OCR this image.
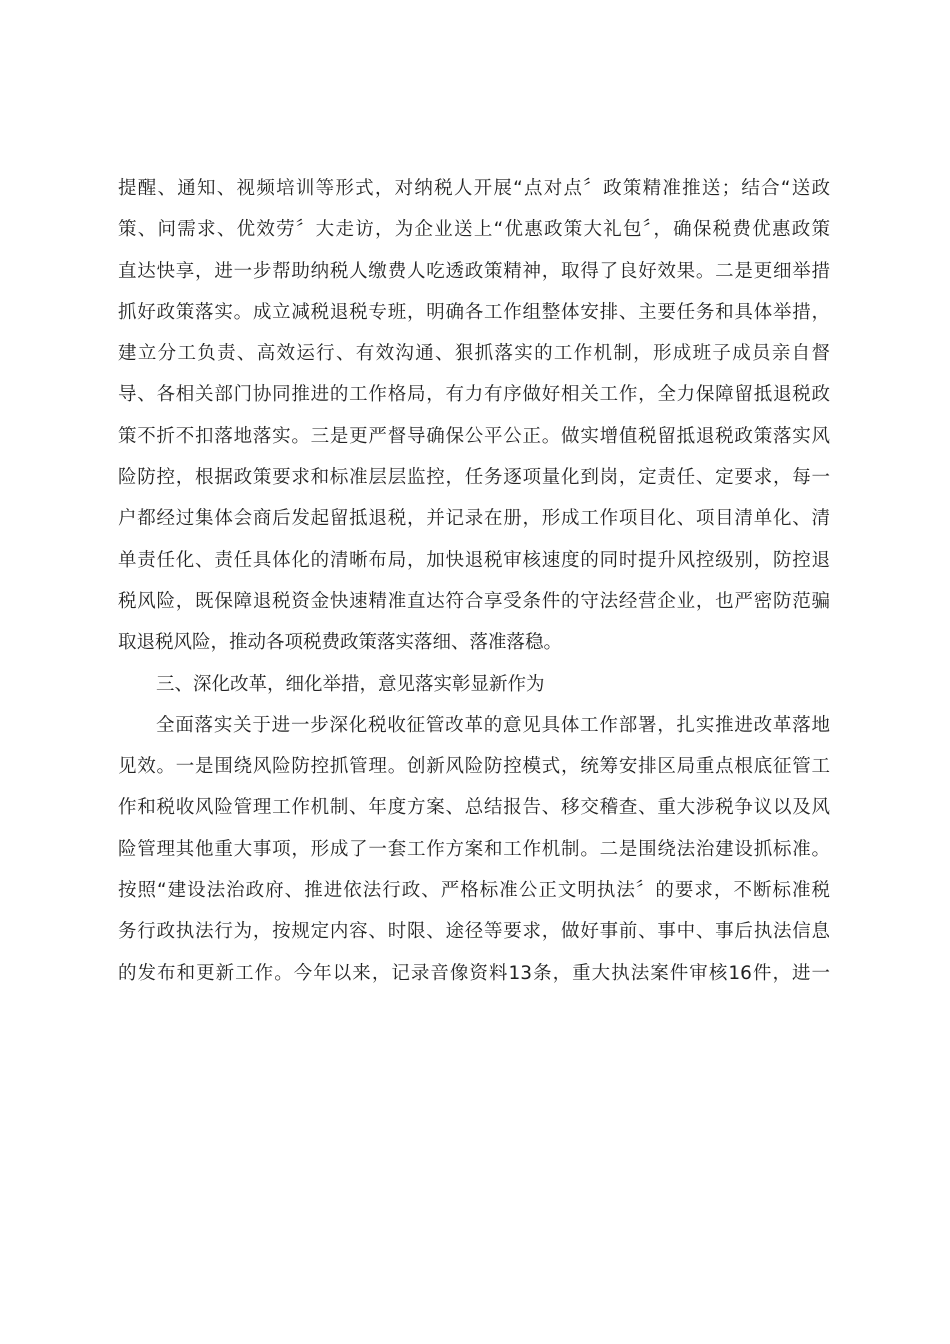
提醒、通知、视频培训等形式，对纳税人开展“点对点〞政策精准推送；结合“送政
策、问需求、优效劳〞大走访，为企业送上“优惠政策大礼包〞，确保税费优惠政策
直达快享，进一步帮助纳税人缴费人吃透政策精神，取得了良好效果。二是更细举措
抓好政策落实。成立减税退税专班，明确各工作组整体安排、主要任务和具体举措，
建立分工负责、高效运行、有效沟通、狠抓落实的工作机制，形成班子成员亲自督
导、各相关部门协同推进的工作格局，有力有序做好相关工作，全力保障留抵退税政
策不折不扣落地落实。三是更严督导确保公平公正。做实增值税留抵退税政策落实风
险防控，根据政策要求和标准层层监控，任务逐项量化到岗，定责任、定要求，每一
户都经过集体会商后发起留抵退税，并记录在册，形成工作项目化、项目清单化、清
单责任化、责任具体化的清晰布局，加快退税审核速度的同时提升风控级别，防控退
税风险，既保障退税资金快速精准直达符合享受条件的守法经营企业，也严密防范骗
取退税风险，推动各项税费政策落实落细、落准落稳。
三、深化改革，细化举措，意见落实彰显新作为
全面落实关于进一步深化税收征管改革的意见具体工作部署，扎实推进改革落地
见效。一是围绕风险防控抓管理。创新风险防控模式，统筹安排区局重点根底征管工
作和税收风险管理工作机制、年度方案、总结报告、移交稽查、重大涉税争议以及风
险管理其他重大事项，形成了一套工作方案和工作机制。二是围绕法治建设抓标准。
按照“建设法治政府、推进依法行政、严格标准公正文明执法〞的要求，不断标准税
务行政执法行为，按规定内容、时限、途径等要求，做好事前、事中、事后执法信息
的发布和更新工作。今年以来，记录音像资料13条，重大执法案件审核16件，进一
